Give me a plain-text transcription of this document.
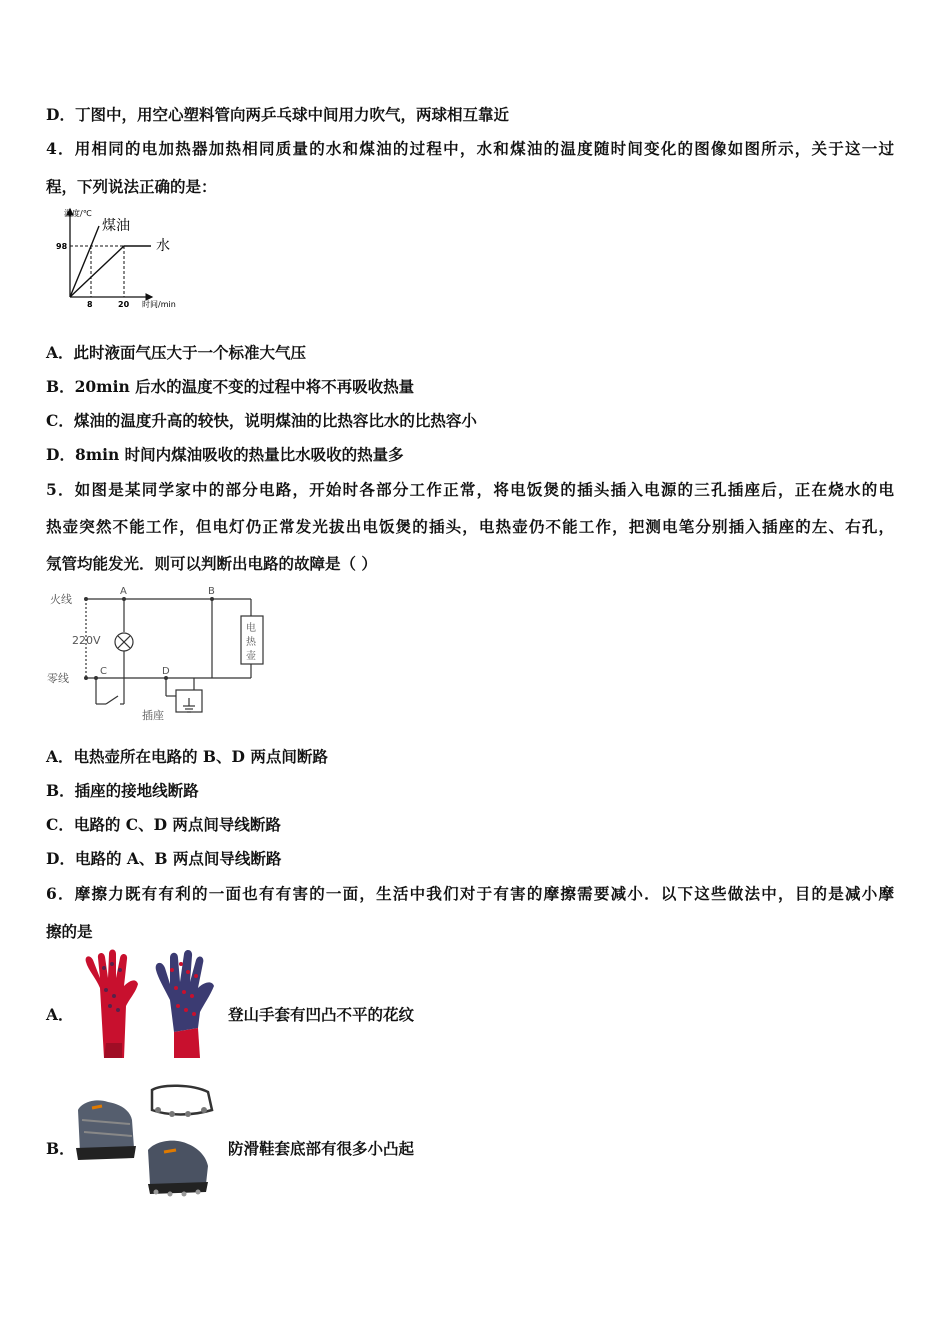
D．丁图中，用空心塑料管向两乒乓球中间用力吹气，两球相互靠近
4．用相同的电加热器加热相同质量的水和煤油的过程中，水和煤油的温度随时间变化的图像如图所示，关于这一过
程，下列说法正确的是：
温度/℃
时间/min
98
8	20
煤油
水
A．此时液面气压大于一个标准大气压
B．20min 后水的温度不变的过程中将不再吸收热量
C．煤油的温度升高的较快，说明煤油的比热容比水的比热容小
D．8min 时间内煤油吸收的热量比水吸收的热量多
5．如图是某同学家中的部分电路，开始时各部分工作正常，将电饭煲的插头插入电源的三孔插座后，正在烧水的电
热壶突然不能工作，但电灯仍正常发光拔出电饭煲的插头，电热壶仍不能工作，把测电笔分别插入插座的左、右孔，
氖管均能发光．则可以判断出电路的故障是（ ）
火线
零线
220V
A	B
C	D
电
热
壶
插座
A．电热壶所在电路的 B、D 两点间断路
B．插座的接地线断路
C．电路的 C、D 两点间导线断路
D．电路的 A、B 两点间导线断路
6．摩擦力既有有利的一面也有有害的一面，生活中我们对于有害的摩擦需要减小．以下这些做法中，目的是减小摩
擦的是
A．	登山手套有凹凸不平的花纹
B．	防滑鞋套底部有很多小凸起
